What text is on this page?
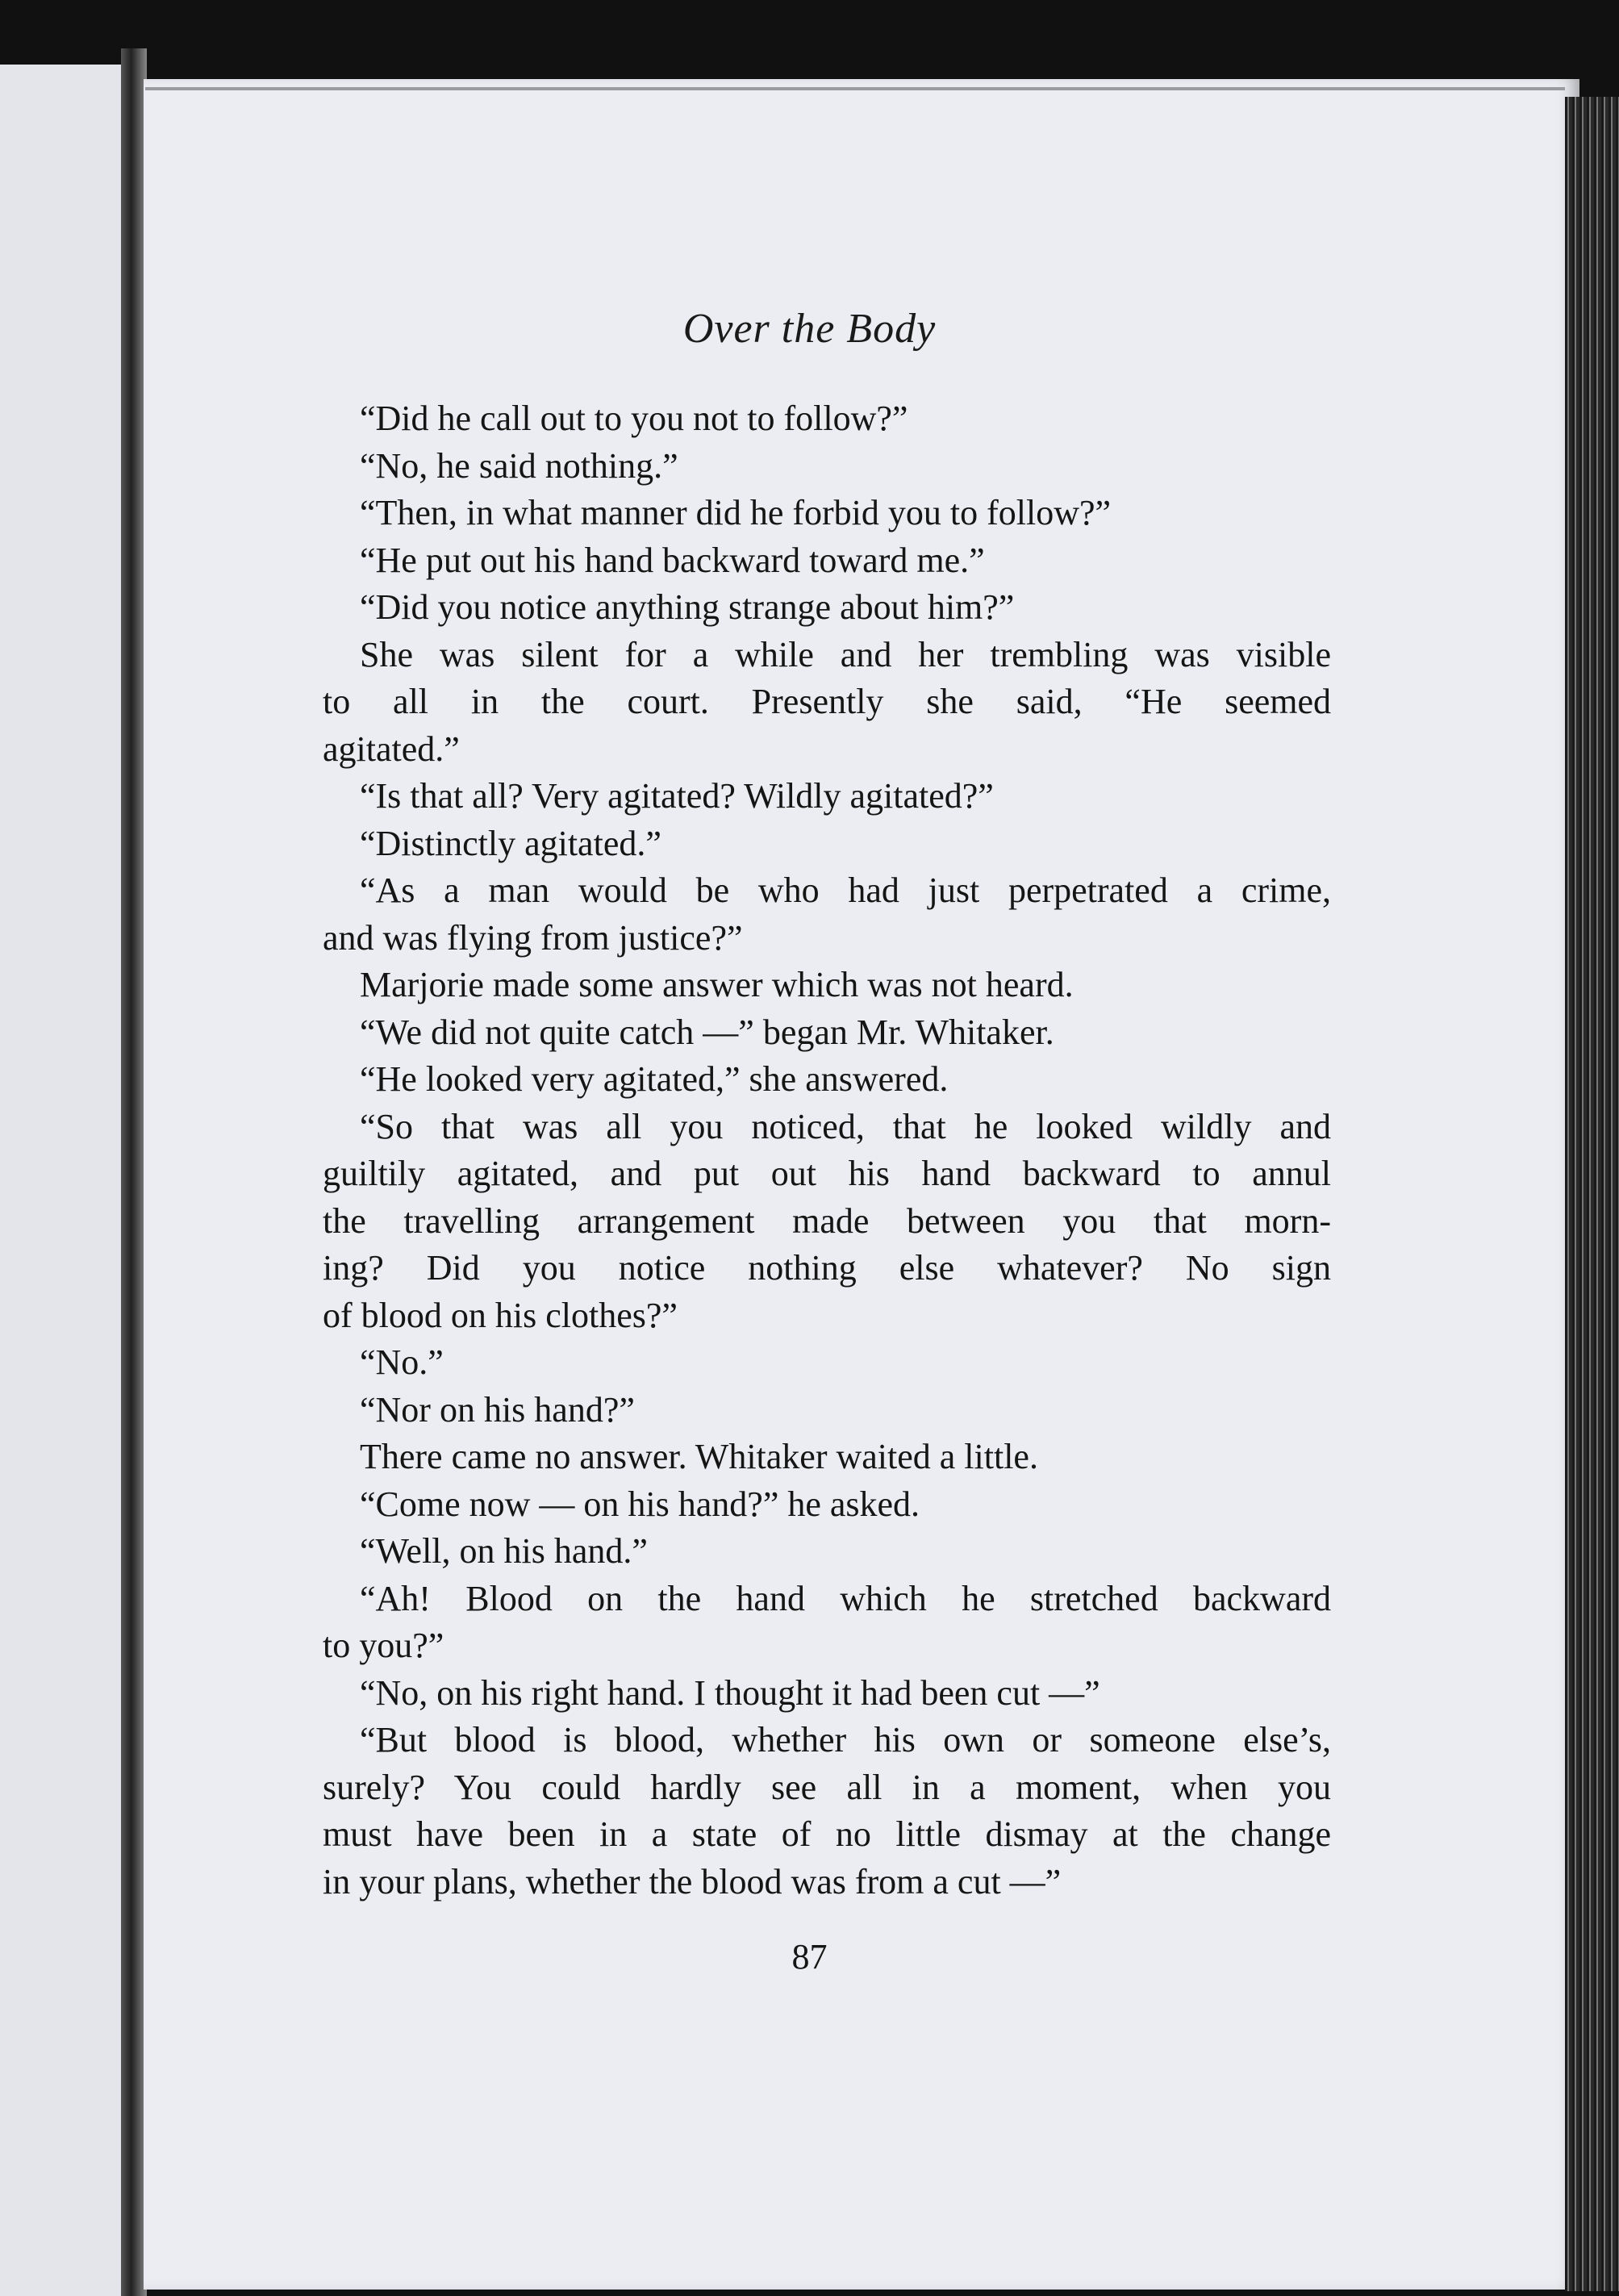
Over the Body
“Did he call out to you not to follow?”
“No, he said nothing.”
“Then, in what manner did he forbid you to follow?”
“He put out his hand backward toward me.”
“Did you notice anything strange about him?”
She was silent for a while and her trembling was visible
to all in the court. Presently she said, “He seemed
agitated.”
“Is that all? Very agitated? Wildly agitated?”
“Distinctly agitated.”
“As a man would be who had just perpetrated a crime,
and was flying from justice?”
Marjorie made some answer which was not heard.
“We did not quite catch —” began Mr. Whitaker.
“He looked very agitated,” she answered.
“So that was all you noticed, that he looked wildly and
guiltily agitated, and put out his hand backward to annul
the travelling arrangement made between you that morn-
ing? Did you notice nothing else whatever? No sign
of blood on his clothes?”
“No.”
“Nor on his hand?”
There came no answer. Whitaker waited a little.
“Come now — on his hand?” he asked.
“Well, on his hand.”
“Ah! Blood on the hand which he stretched backward
to you?”
“No, on his right hand. I thought it had been cut —”
“But blood is blood, whether his own or someone else’s,
surely? You could hardly see all in a moment, when you
must have been in a state of no little dismay at the change
in your plans, whether the blood was from a cut —”
87
